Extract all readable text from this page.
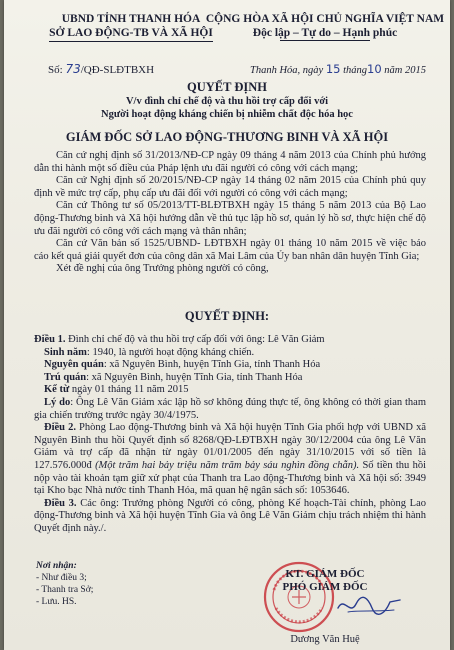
UBND TỈNH THANH HÓA
SỞ LAO ĐỘNG-TB VÀ XÃ HỘI
CỘNG HÒA XÃ HỘI CHỦ NGHĨA VIỆT NAM
Độc lập – Tự do – Hạnh phúc
Số: 73/QĐ-SLĐTBXH	Thanh Hóa, ngày 15 tháng10 năm 2015
QUYẾT ĐỊNH
V/v đình chỉ chế độ và thu hồi trợ cấp đối với
Người hoạt động kháng chiến bị nhiễm chất độc hóa học
GIÁM ĐỐC SỞ LAO ĐỘNG-THƯƠNG BINH VÀ XÃ HỘI

Căn cứ nghị định số 31/2013/NĐ-CP ngày 09 tháng 4 năm 2013 của Chính phủ hướng dẫn thi hành một số điều của Pháp lệnh ưu đãi người có công với cách mạng;

Căn cứ Nghị định số 20/2015/NĐ-CP ngày 14 tháng 02 năm 2015 của Chính phủ quy định về mức trợ cấp, phụ cấp ưu đãi đối với người có công với cách mạng;

Căn cứ Thông tư số 05/2013/TT-BLĐTBXH ngày 15 tháng 5 năm 2013 của Bộ Lao động-Thương binh và Xã hội hướng dẫn về thủ tục lập hồ sơ, quản lý hồ sơ, thực hiện chế độ ưu đãi người có công với cách mạng và thân nhân;

Căn cứ Văn bản số 1525/UBND- LĐTBXH ngày 01 tháng 10 năm 2015 về việc báo cáo kết quả giải quyết đơn của công dân xã Mai Lâm của Ủy ban nhân dân huyện Tĩnh Gia;

Xét đề nghị của ông Trưởng phòng người có công,

QUYẾT ĐỊNH:

Điều 1. Đình chỉ chế độ và thu hồi trợ cấp đối với ông: Lê Văn Giảm

Sinh năm: 1940, là người hoạt động kháng chiến.

Nguyên quán: xã Nguyên Bình, huyện Tĩnh Gia, tỉnh Thanh Hóa

Trú quán: xã Nguyên Bình, huyện Tĩnh Gia, tỉnh Thanh Hóa

Kể từ ngày 01 tháng 11 năm 2015

Lý do: Ông Lê Văn Giảm xác lập hồ sơ không đúng thực tế, ông không có thời gian tham gia chiến trường trước ngày 30/4/1975.

Điều 2. Phòng Lao động-Thương binh và Xã hội huyện Tĩnh Gia phối hợp với UBND xã Nguyên Bình thu hồi Quyết định số 8268/QĐ-LĐTBXH ngày 30/12/2004 của ông Lê Văn Giảm và trợ cấp đã nhận từ ngày 01/01/2005 đến ngày 31/10/2015 với số tiền là 127.576.000đ (Một trăm hai bảy triệu năm trăm bảy sáu nghìn đồng chẵn). Số tiền thu hồi nộp vào tài khoản tạm giữ xử phạt của Thanh tra Lao động-Thương binh và Xã hội số: 3949 tại Kho bạc Nhà nước tỉnh Thanh Hóa, mã quan hệ ngân sách số: 1053646.

Điều 3. Các ông: Trưởng phòng Người có công, phòng Kế hoạch-Tài chính, phòng Lao động-Thương binh và Xã hội huyện Tĩnh Gia và ông Lê Văn Giảm chịu trách nhiệm thi hành Quyết định này./.

Nơi nhận:
- Như điều 3;
- Thanh tra Sở;
- Lưu. HS.
KT. GIÁM ĐỐC
PHÓ GIÁM ĐỐC
Dương Văn Huệ
